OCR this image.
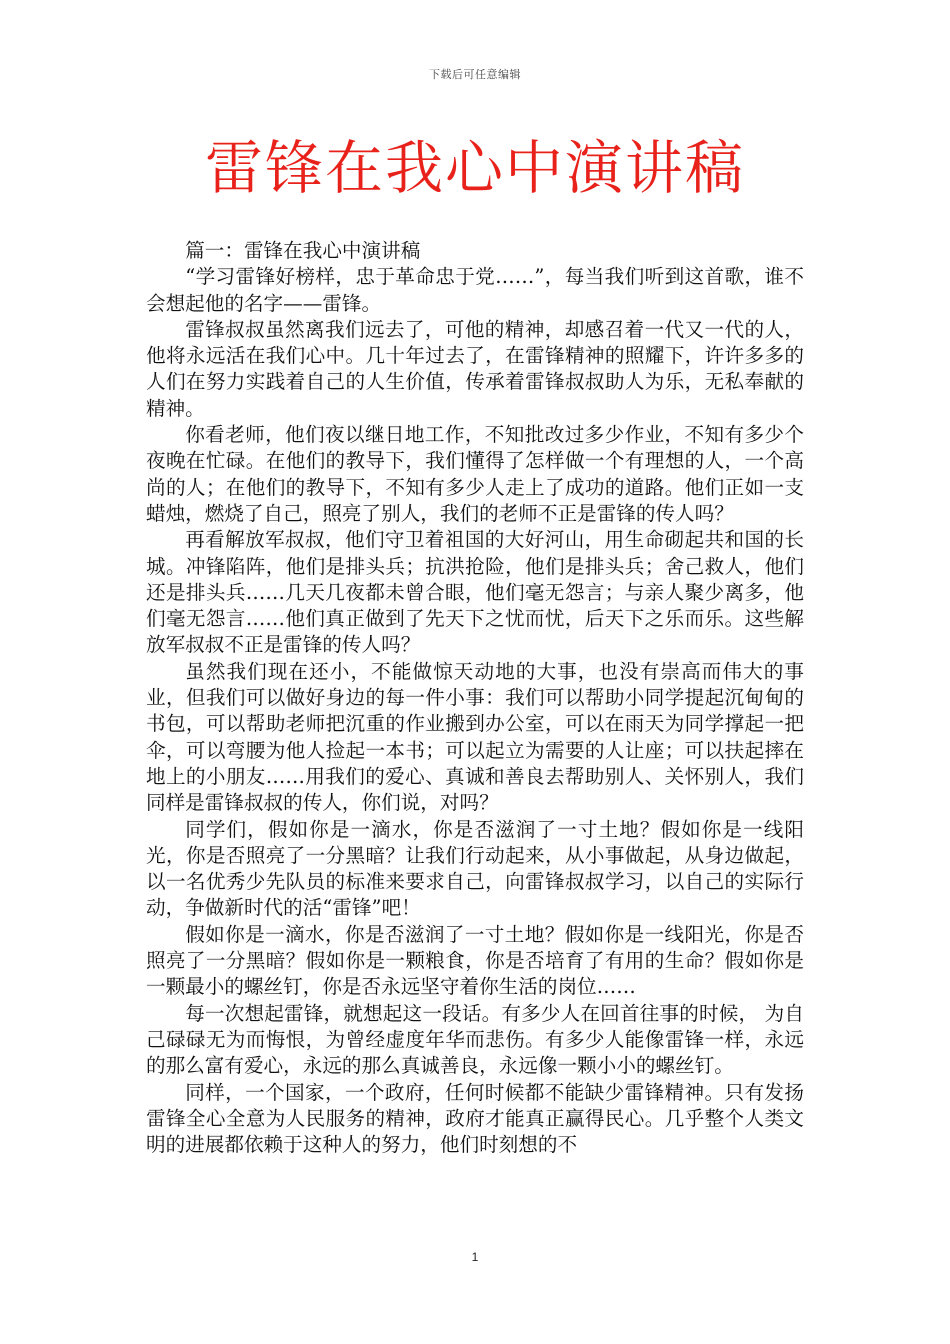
下载后可任意编辑
雷锋在我心中演讲稿

篇一：雷锋在我心中演讲稿

“学习雷锋好榜样，忠于革命忠于党……”，每当我们听到这首歌，谁不会想起他的名字——雷锋。

雷锋叔叔虽然离我们远去了，可他的精神，却感召着一代又一代的人，他将永远活在我们心中。几十年过去了，在雷锋精神的照耀下，许许多多的人们在努力实践着自己的人生价值，传承着雷锋叔叔助人为乐，无私奉献的精神。

你看老师，他们夜以继日地工作，不知批改过多少作业，不知有多少个夜晚在忙碌。在他们的教导下，我们懂得了怎样做一个有理想的人，一个高尚的人；在他们的教导下，不知有多少人走上了成功的道路。他们正如一支蜡烛，燃烧了自己，照亮了别人，我们的老师不正是雷锋的传人吗？

再看解放军叔叔，他们守卫着祖国的大好河山，用生命砌起共和国的长城。冲锋陷阵，他们是排头兵；抗洪抢险，他们是排头兵；舍己救人，他们还是排头兵……几天几夜都未曾合眼，他们毫无怨言；与亲人聚少离多，他们毫无怨言……他们真正做到了先天下之忧而忧，后天下之乐而乐。这些解放军叔叔不正是雷锋的传人吗？

虽然我们现在还小，不能做惊天动地的大事，也没有崇高而伟大的事业，但我们可以做好身边的每一件小事：我们可以帮助小同学提起沉甸甸的书包，可以帮助老师把沉重的作业搬到办公室，可以在雨天为同学撑起一把伞，可以弯腰为他人捡起一本书；可以起立为需要的人让座；可以扶起摔在地上的小朋友……用我们的爱心、真诚和善良去帮助别人、关怀别人，我们同样是雷锋叔叔的传人，你们说，对吗？

同学们，假如你是一滴水，你是否滋润了一寸土地？假如你是一线阳光，你是否照亮了一分黑暗？让我们行动起来，从小事做起，从身边做起，以一名优秀少先队员的标准来要求自己，向雷锋叔叔学习，以自己的实际行动，争做新时代的活“雷锋”吧！

假如你是一滴水，你是否滋润了一寸土地？假如你是一线阳光，你是否照亮了一分黑暗？假如你是一颗粮食，你是否培育了有用的生命？假如你是一颗最小的螺丝钉，你是否永远坚守着你生活的岗位……

每一次想起雷锋，就想起这一段话。有多少人在回首往事的时候， 为自己碌碌无为而悔恨，为曾经虚度年华而悲伤。有多少人能像雷锋一样，永远的那么富有爱心，永远的那么真诚善良，永远像一颗小小的螺丝钉。

同样，一个国家，一个政府，任何时候都不能缺少雷锋精神。只有发扬雷锋全心全意为人民服务的精神，政府才能真正赢得民心。几乎整个人类文明的进展都依赖于这种人的努力，他们时刻想的不

1
